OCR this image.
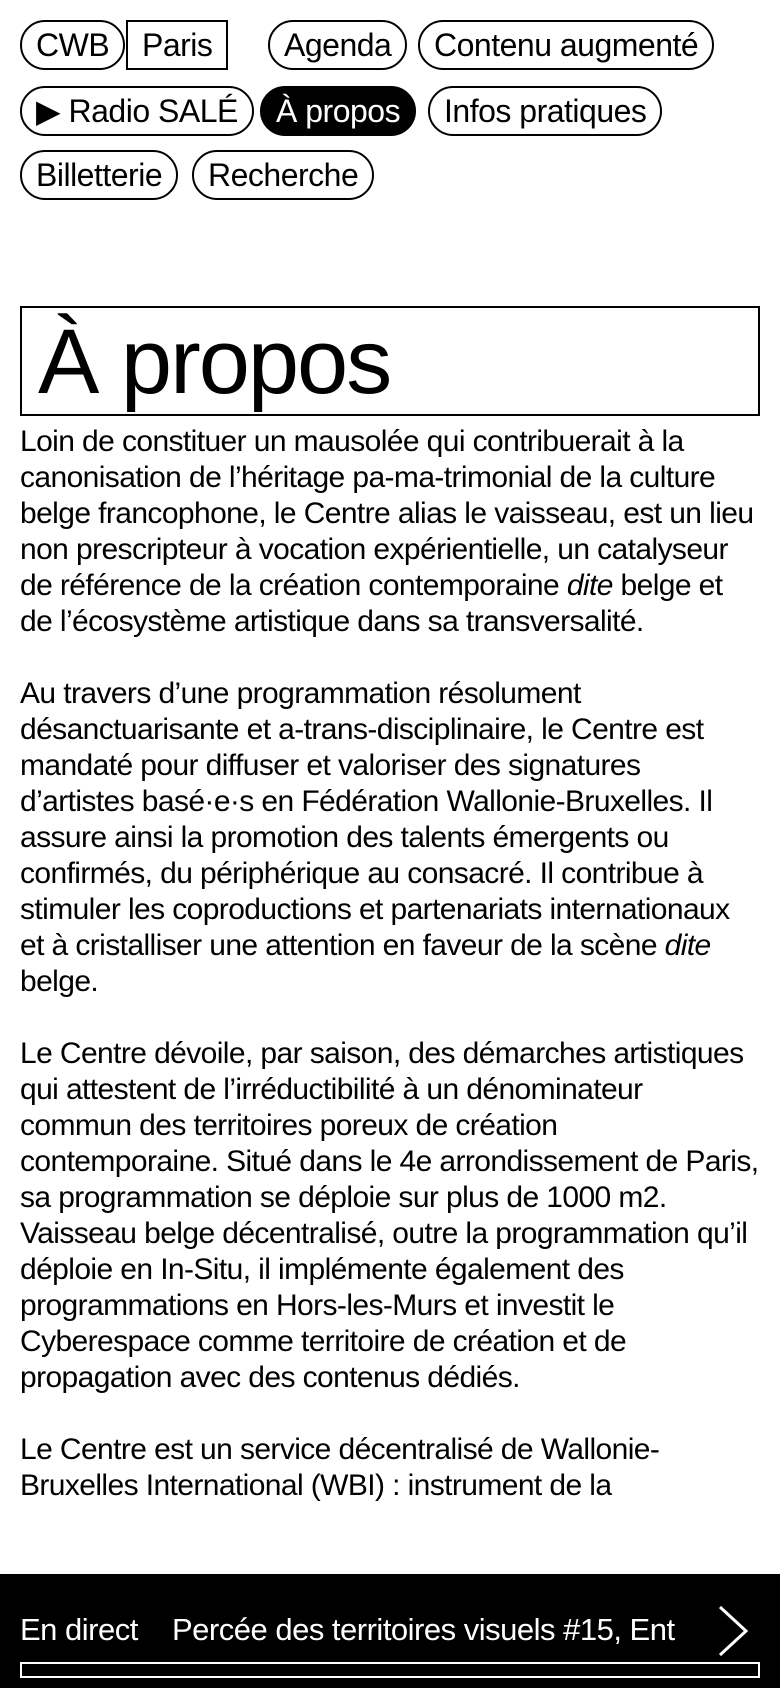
CWB	Paris	Agenda	Contenu augmenté
▶ Radio SALÉ	À propos	Infos pratiques
Billetterie	Recherche
À propos

Loin de constituer un mausolée qui contribuerait à la canonisation de l’héritage pa-ma-trimonial de la culture belge francophone, le Centre alias le vaisseau, est un lieu non prescripteur à vocation expérientielle, un catalyseur de référence de la création contemporaine dite belge et de l’écosystème artistique dans sa transversalité.

Au travers d’une programmation résolument désanctuarisante et a-trans-disciplinaire, le Centre est mandaté pour diffuser et valoriser des signatures d’artistes basé·e·s en Fédération Wallonie-Bruxelles. Il assure ainsi la promotion des talents émergents ou confirmés, du périphérique au consacré. Il contribue à stimuler les coproductions et partenariats internationaux et à cristalliser une attention en faveur de la scène dite belge.

Le Centre dévoile, par saison, des démarches artistiques qui attestent de l’irréductibilité à un dénominateur commun des territoires poreux de création contemporaine. Situé dans le 4e arrondissement de Paris, sa programmation se déploie sur plus de 1000 m2. Vaisseau belge décentralisé, outre la programmation qu’il déploie en In-Situ, il implémente également des programmations en Hors-les-Murs et investit le Cyberespace comme territoire de création et de propagation avec des contenus dédiés.

Le Centre est un service décentralisé de Wallonie-Bruxelles International (WBI) : instrument de la

En direct Percée des territoires visuels #15, Ent
